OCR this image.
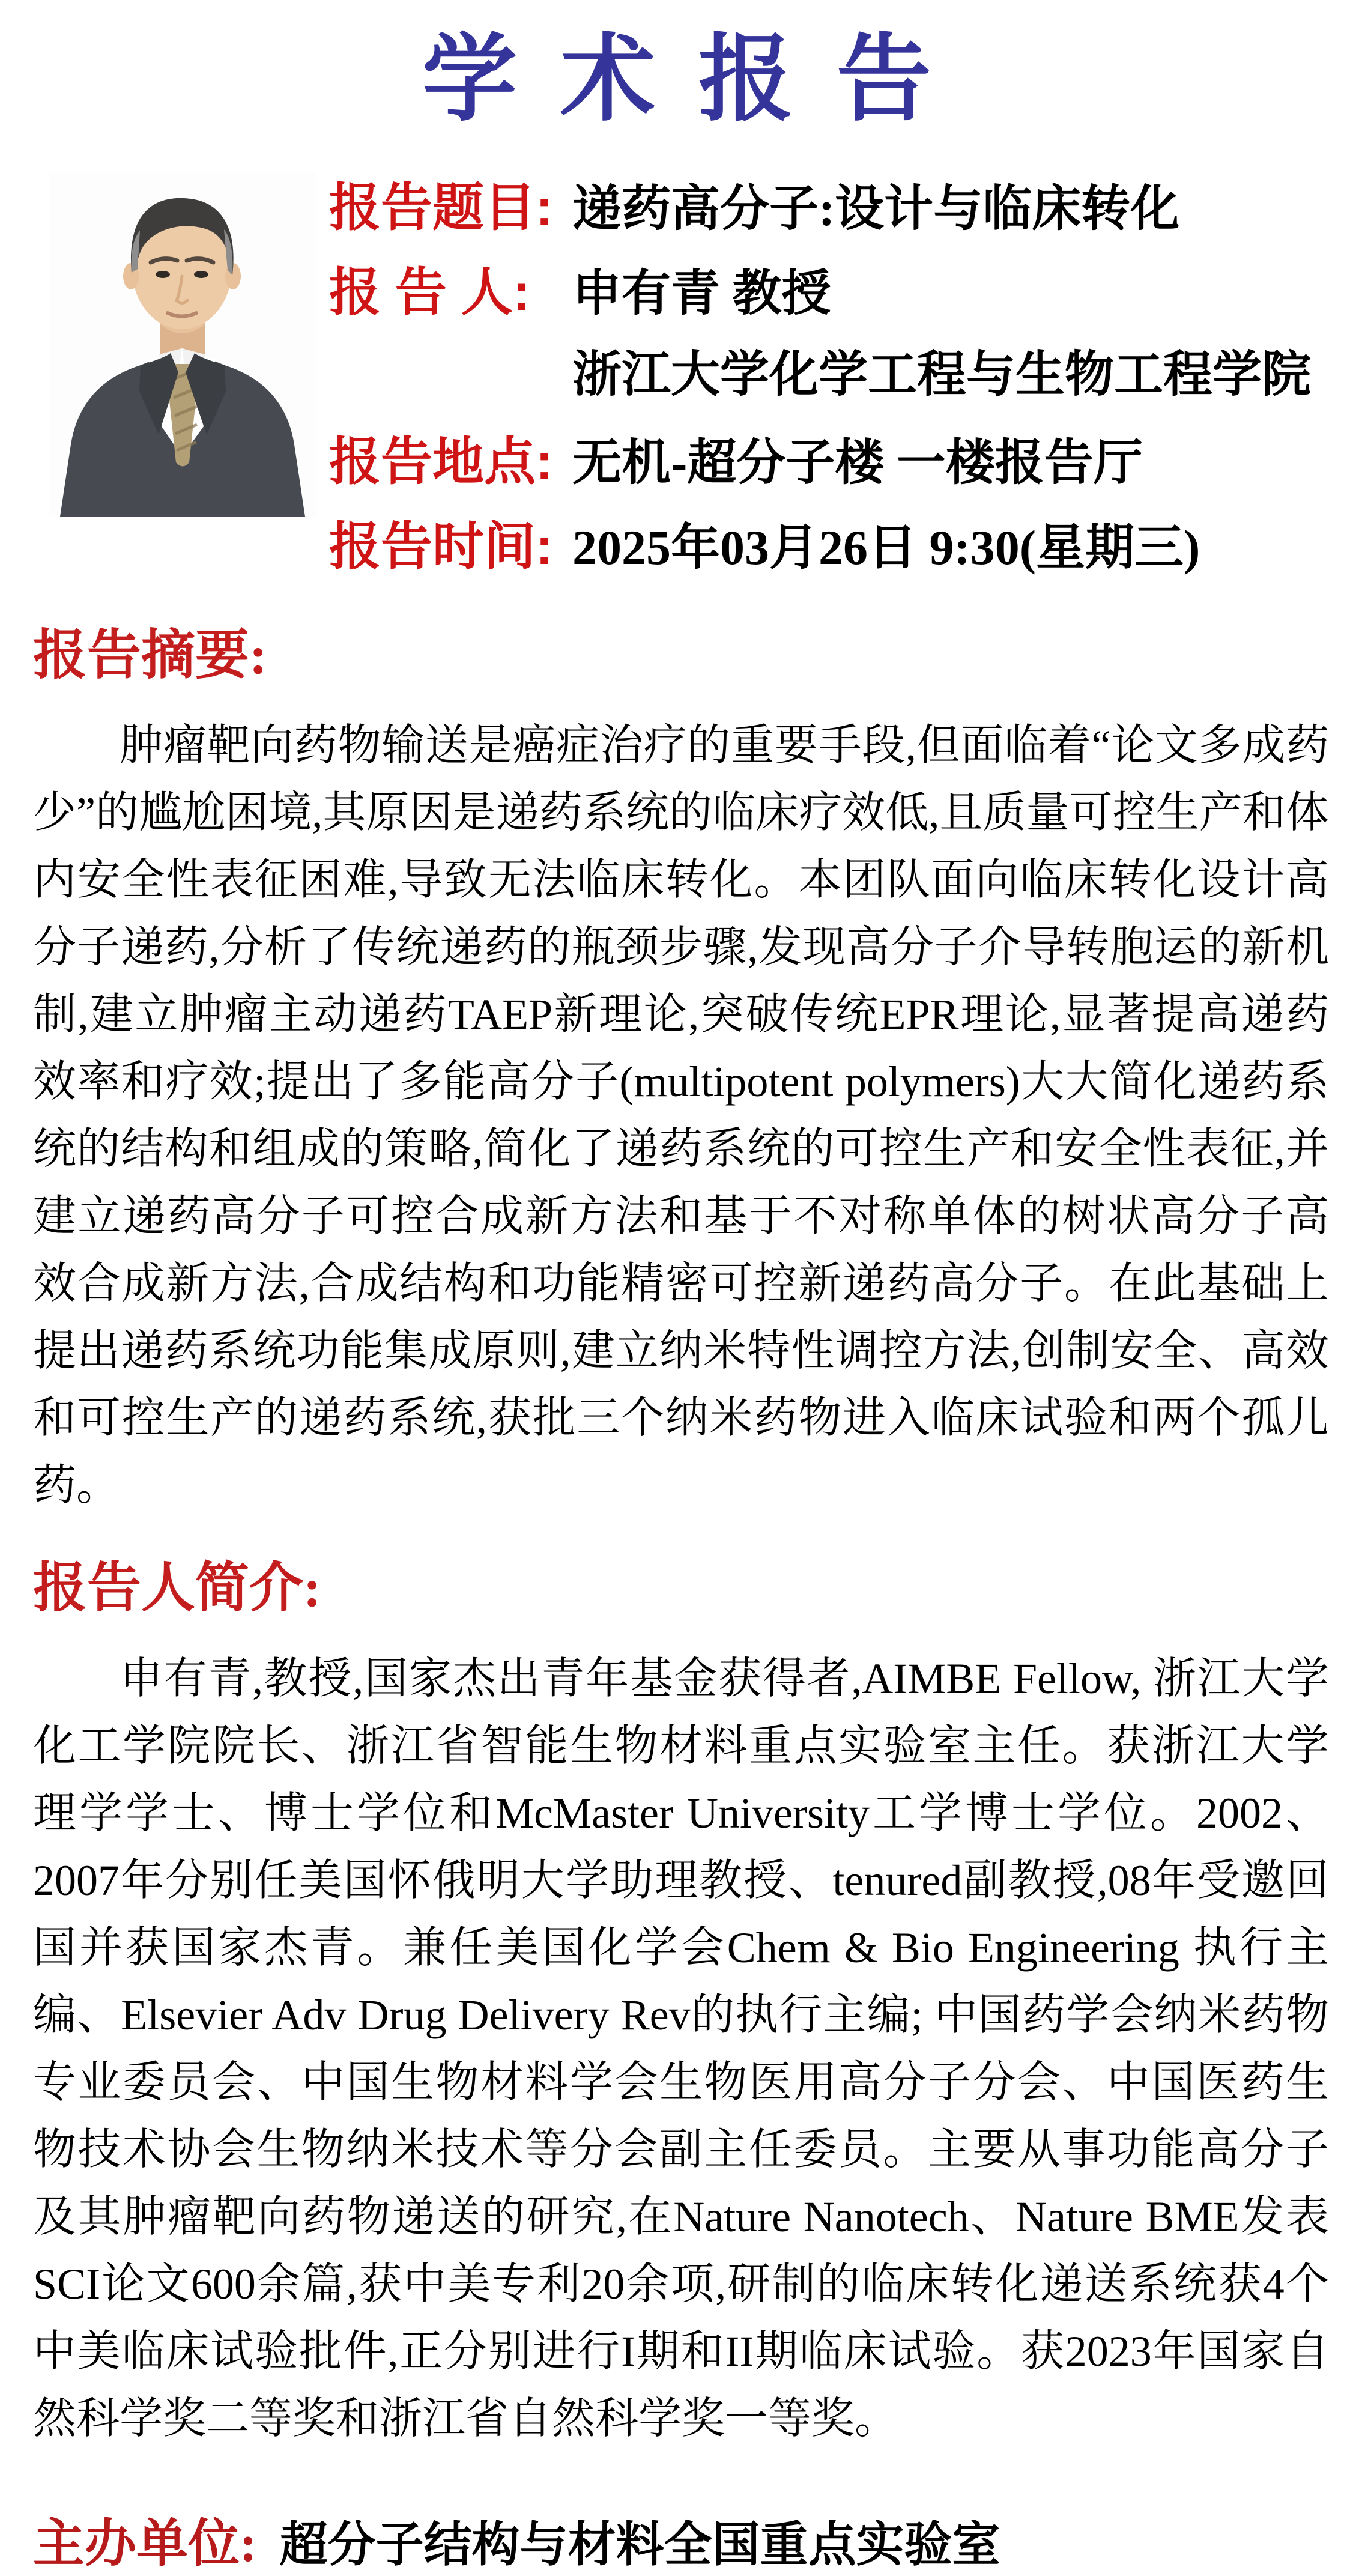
学 术 报 告
报告题目: 递药高分子:设计与临床转化
报 告 人: 申有青 教授
浙江大学化学工程与生物工程学院
报告地点: 无机-超分子楼 一楼报告厅
报告时间: 2025年03月26日 9:30(星期三)
报告摘要:

肿瘤靶向药物输送是癌症治疗的重要手段,但面临着“论文多成药少”的尴尬困境,其原因是递药系统的临床疗效低,且质量可控生产和体内安全性表征困难,导致无法临床转化。本团队面向临床转化设计高分子递药,分析了传统递药的瓶颈步骤,发现高分子介导转胞运的新机制,建立肿瘤主动递药TAEP新理论,突破传统EPR理论,显著提高递药效率和疗效;提出了多能高分子(multipotent polymers)大大简化递药系统的结构和组成的策略,简化了递药系统的可控生产和安全性表征,并建立递药高分子可控合成新方法和基于不对称单体的树状高分子高效合成新方法,合成结构和功能精密可控新递药高分子。在此基础上提出递药系统功能集成原则,建立纳米特性调控方法,创制安全、高效和可控生产的递药系统,获批三个纳米药物进入临床试验和两个孤儿药。

报告人简介:

申有青,教授,国家杰出青年基金获得者,AIMBE Fellow, 浙江大学化工学院院长、浙江省智能生物材料重点实验室主任。获浙江大学理学学士、博士学位和McMaster University工学博士学位。2002、2007年分别任美国怀俄明大学助理教授、tenured副教授,08年受邀回国并获国家杰青。兼任美国化学会Chem & Bio Engineering 执行主编、Elsevier Adv Drug Delivery Rev的执行主编; 中国药学会纳米药物专业委员会、中国生物材料学会生物医用高分子分会、中国医药生物技术协会生物纳米技术等分会副主任委员。主要从事功能高分子及其肿瘤靶向药物递送的研究,在Nature Nanotech、Nature BME发表SCI论文600余篇,获中美专利20余项,研制的临床转化递送系统获4个中美临床试验批件,正分别进行I期和II期临床试验。获2023年国家自然科学奖二等奖和浙江省自然科学奖一等奖。

主办单位: 超分子结构与材料全国重点实验室
